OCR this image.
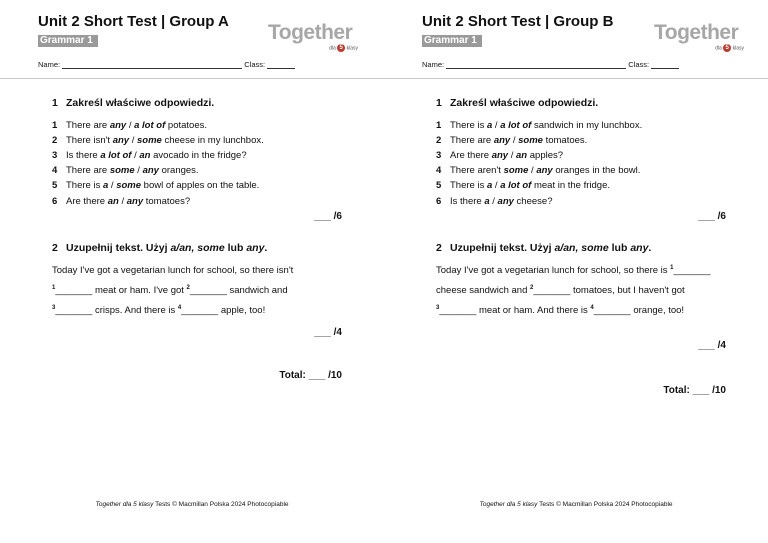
Unit 2 Short Test | Group A
Grammar 1	Together
dla 5 klasy
Name:	Class:
1 Zakreśl właściwe odpowiedzi.
1 There are any / a lot of potatoes.
2 There isn't any / some cheese in my lunchbox.
3 Is there a lot of / an avocado in the fridge?
4 There are some / any oranges.
5 There is a / some bowl of apples on the table.
6 Are there an / any tomatoes?
___ /6
2 Uzupełnij tekst. Użyj a/an, some lub any.
Today I've got a vegetarian lunch for school, so there isn't
$^1$_______ meat or ham. I've got $^2$_______ sandwich and
$^3$_______ crisps. And there is $^4$_______ apple, too!
___ /4
Total: ___ /10
Together dla 5 klasy Tests © Macmillan Polska 2024 Photocopiable
Unit 2 Short Test | Group B
Grammar 1	Together
dla 5 klasy
Name:	Class:
1 Zakreśl właściwe odpowiedzi.
1 There is a / a lot of sandwich in my lunchbox.
2 There are any / some tomatoes.
3 Are there any / an apples?
4 There aren't some / any oranges in the bowl.
5 There is a / a lot of meat in the fridge.
6 Is there a / any cheese?
___ /6
2 Uzupełnij tekst. Użyj a/an, some lub any.
Today I've got a vegetarian lunch for school, so there is $^1$_______
cheese sandwich and $^2$_______ tomatoes, but I haven't got
$^3$_______ meat or ham. And there is $^4$_______ orange, too!
___ /4
Total: ___ /10
Together dla 5 klasy Tests © Macmillan Polska 2024 Photocopiable
